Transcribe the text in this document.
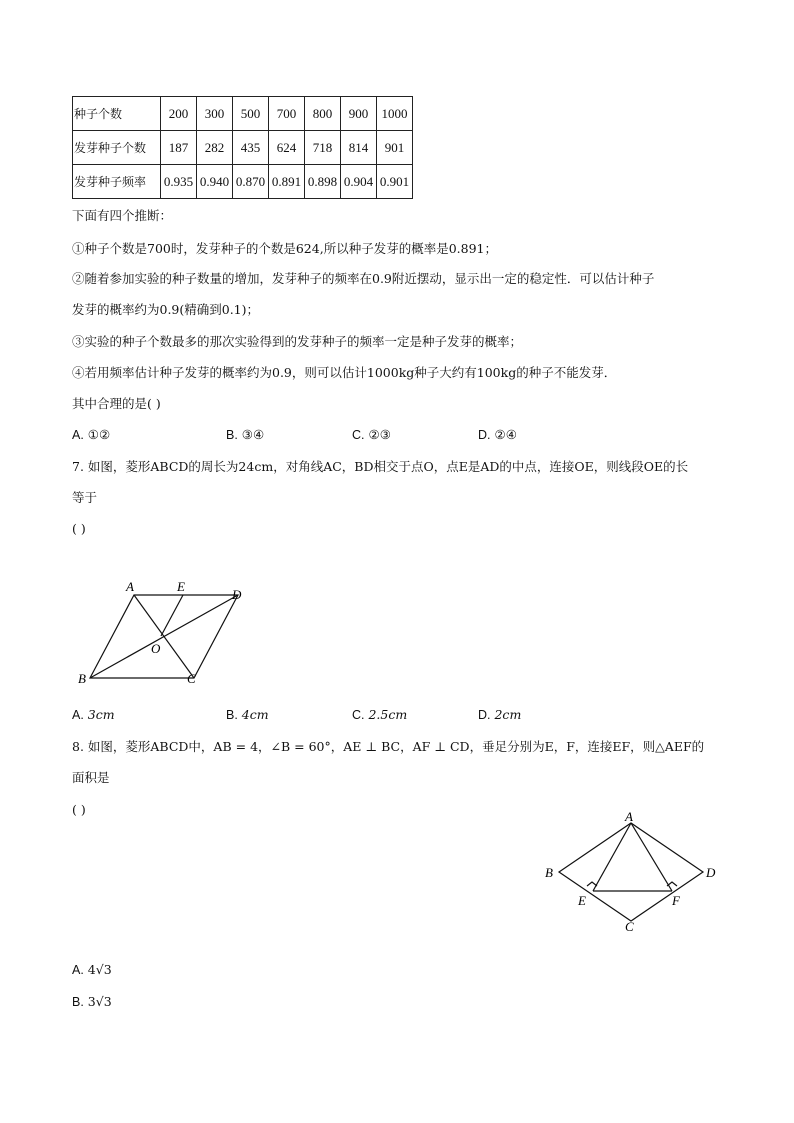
种子个数	200	300	500	700	800	900	1000
发芽种子个数	187	282	435	624	718	814	901
发芽种子频率	0.935	0.940	0.870	0.891	0.898	0.904	0.901
下面有四个推断：
①种子个数是700时，发芽种子的个数是624,所以种子发芽的概率是0.891；
②随着参加实验的种子数量的增加，发芽种子的频率在0.9附近摆动，显示出一定的稳定性．可以估计种子
发芽的概率约为0.9(精确到0.1)；
③实验的种子个数最多的那次实验得到的发芽种子的频率一定是种子发芽的概率；
④若用频率估计种子发芽的概率约为0.9，则可以估计1000kg种子大约有100kg的种子不能发芽．
其中合理的是( )
A. ①②	B. ③④	C. ②③	D. ②④
7. 如图，菱形ABCD的周长为24cm，对角线AC，BD相交于点O，点E是AD的中点，连接OE，则线段OE的长
等于
( )
A	E
D
O
B	C
A. 3cm	B. 4cm	C. 2.5cm	D. 2cm
8. 如图，菱形ABCD中，AB = 4，∠B = 60°，AE ⊥ BC，AF ⊥ CD，垂足分别为E，F，连接EF，则△AEF的
面积是
( )	A
B	D
E	F
C
A. 4√3
B. 3√3
